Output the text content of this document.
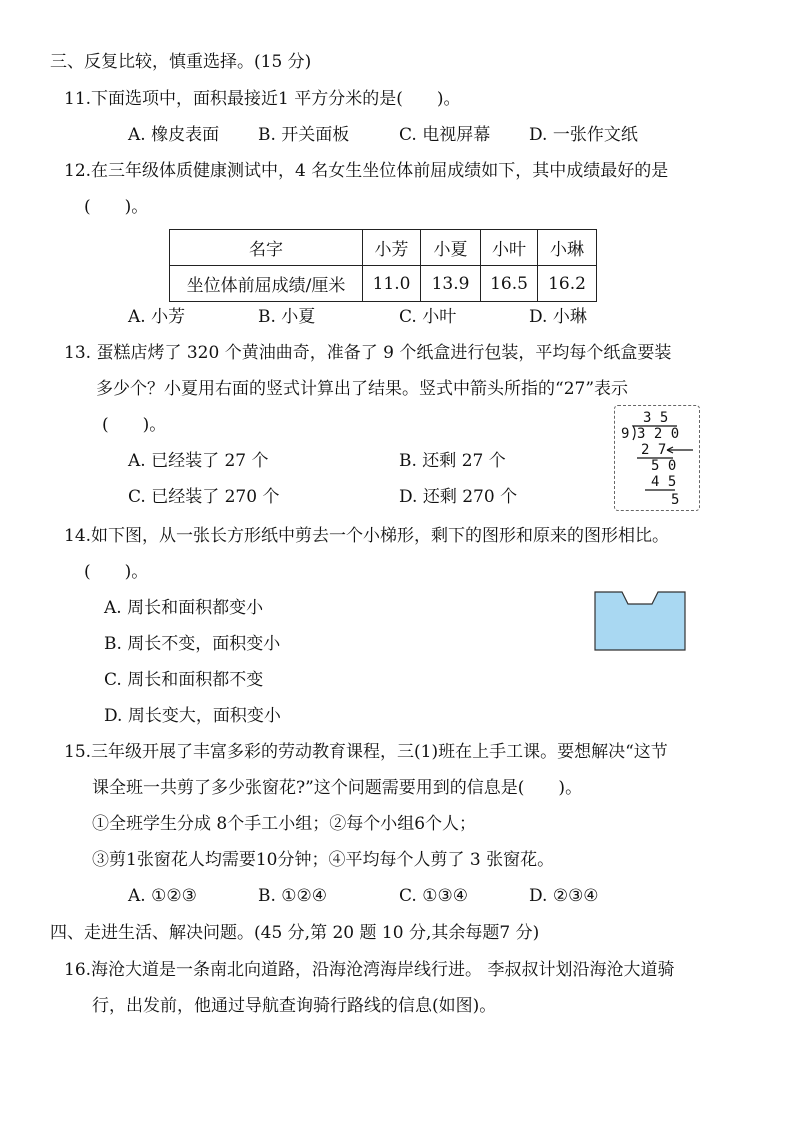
三、反复比较，慎重选择。(15 分)
11.下面选项中，面积最接近1 平方分米的是(　　)。
A. 橡皮表面 B. 开关面板	C. 电视屏幕 D. 一张作文纸
12.在三年级体质健康测试中，4 名女生坐位体前屈成绩如下，其中成绩最好的是
(　　)。
名字	小芳	小夏	小叶	小琳
坐位体前屈成绩/厘米	11.0	13.9	16.5	16.2
A. 小芳	B. 小夏	C. 小叶	D. 小琳
13. 蛋糕店烤了 320 个黄油曲奇，准备了 9 个纸盒进行包装，平均每个纸盒要装
多少个？小夏用右面的竖式计算出了结果。竖式中箭头所指的“27”表示
(　　)。
A. 已经装了 27 个	B. 还剩 27 个
C. 已经装了 270 个	D. 还剩 270 个
3 5
9 3 2 0
2 7
5 0
4 5
5
14.如下图，从一张长方形纸中剪去一个小梯形，剩下的图形和原来的图形相比。
(　　)。
A. 周长和面积都变小
B. 周长不变，面积变小
C. 周长和面积都不变
D. 周长变大，面积变小
15.三年级开展了丰富多彩的劳动教育课程，三(1)班在上手工课。要想解决“这节
课全班一共剪了多少张窗花?”这个问题需要用到的信息是(　　)。
①全班学生分成 8个手工小组；②每个小组6个人；
③剪1张窗花人均需要10分钟；④平均每个人剪了 3 张窗花。
A. ①②③	B. ①②④	C. ①③④	D. ②③④
四、走进生活、解决问题。(45 分,第 20 题 10 分,其余每题7 分)
16.海沧大道是一条南北向道路，沿海沧湾海岸线行进。 李叔叔计划沿海沧大道骑
行，出发前，他通过导航查询骑行路线的信息(如图)。
